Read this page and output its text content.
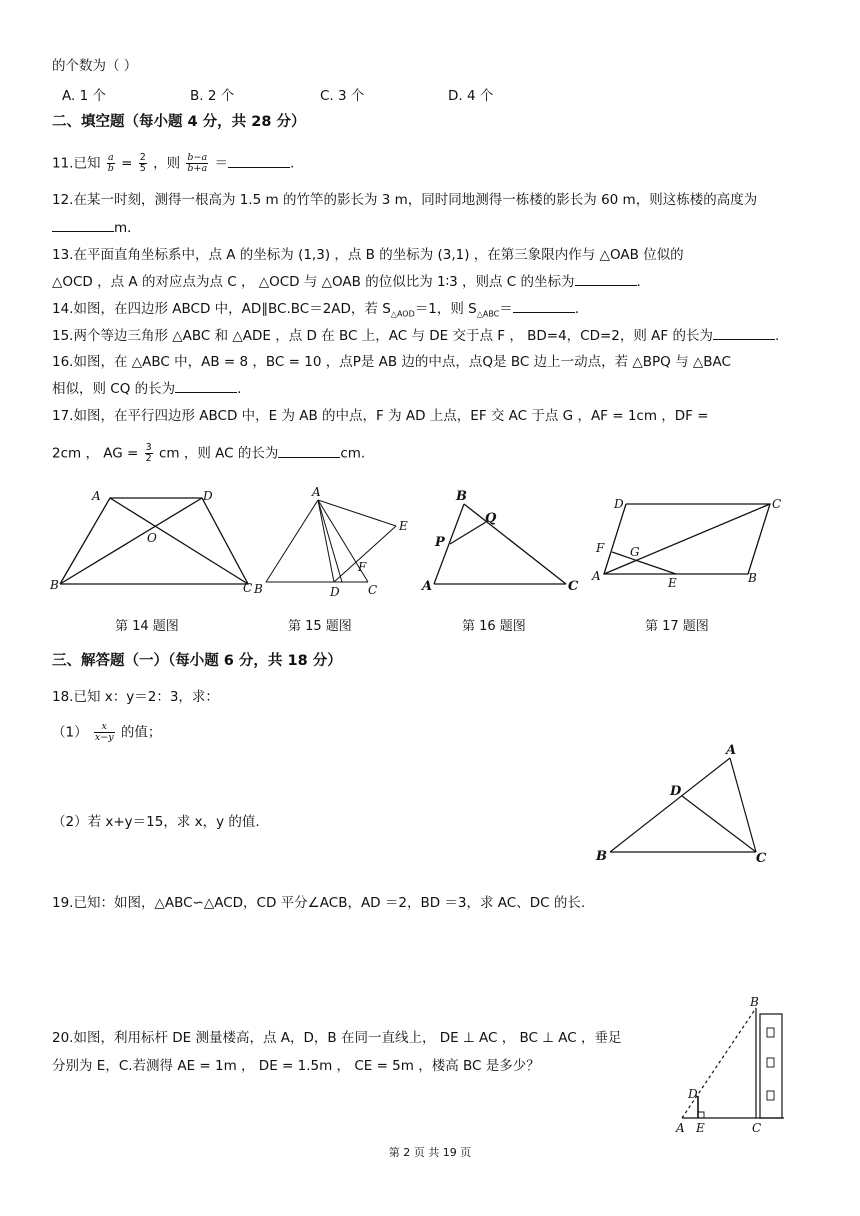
的个数为（ ）
A. 1 个	B. 2 个	C. 3 个	D. 4 个
二、填空题（每小题 4 分，共 28 分）
11.已知 $\frac{a}{b} = \frac{2}{5}$ ，则 $\frac{b-a}{b+a}$ ＝	.
12.在某一时刻，测得一根高为 1.5 m 的竹竿的影长为 3 m，同时同地测得一栋楼的影长为 60 m，则这栋楼的高度为
m．
13.在平面直角坐标系中，点 A 的坐标为 (1,3) ，点 B 的坐标为 (3,1) ，在第三象限内作与 △OAB 位似的
△OCD ，点 A 的对应点为点 C ， △OCD 与 △OAB 的位似比为 1∶3 ，则点 C 的坐标为	.
14.如图，在四边形 ABCD 中，AD∥BC.BC＝2AD，若 $S_{\triangle AOD}=1$，则 $S_{\triangle ABC}=$	.
15.两个等边三角形 △ABC 和 △ADE ，点 D 在 BC 上，AC 与 DE 交于点 F ， BD=4，CD=2，则 AF 的长为	.
16.如图，在 △ABC 中，AB = 8 ，BC = 10 ，点P是 AB 边的中点，点Q是 BC 边上一动点，若 △BPQ 与 △BAC
相似，则 CQ 的长为	.
17.如图，在平行四边形 ABCD 中，E 为 AB 的中点，F 为 AD 上点，EF 交 AC 于点 G ，AF = 1cm ，DF =
2cm ， AG = $\frac{3}{2}$ cm ，则 AC 的长为	cm.
A	D
O
B	C
A
E
F
B	D C
B
Q
P
A	C
D	C
F G
A	E	B
第 14 题图	第 15 题图	第 16 题图	第 17 题图
三、解答题（一）（每小题 6 分，共 18 分）
18.已知 x：y＝2：3，求：
$(1) \frac{x}{x-y}$ 的值；
（2）若 x+y＝15，求 x，y 的值.
A
D
B	C
19.已知：如图，△ABC∽△ACD，CD 平分∠ACB，AD ＝2，BD ＝3，求 AC、DC 的长.
20.如图，利用标杆 DE 测量楼高，点 A，D，B 在同一直线上， DE ⊥ AC ， BC ⊥ AC ，垂足
分别为 E，C.若测得 AE = 1m ， DE = 1.5m ， CE = 5m ，楼高 BC 是多少？
B
D
A E	C
第 2 页 共 19 页
